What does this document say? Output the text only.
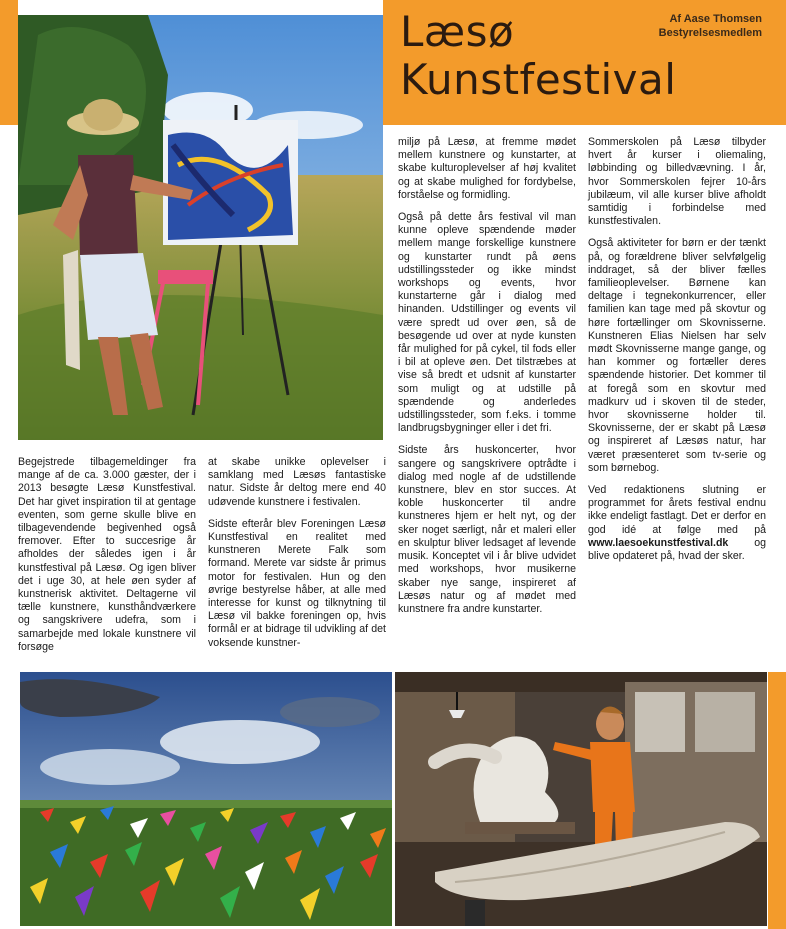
Læsø
Kunstfestival
Af Aase Thomsen
Bestyrelsesmedlem

Begejstrede tilbagemeldinger fra mange af de ca. 3.000 gæster, der i 2013 besøgte Læsø Kunstfestival. Det har givet inspiration til at gentage eventen, som gerne skulle blive en tilbagevendende begivenhed også fremover. Efter to succesrige år afholdes der således igen i år kunstfestival på Læsø. Og igen bliver det i uge 30, at hele øen syder af kunstnerisk aktivitet. Deltagerne vil tælle kunstnere, kunsthåndværkere og sangskrivere udefra, som i samarbejde med lokale kunstnere vil forsøge

at skabe unikke oplevelser i samklang med Læsøs fantastiske natur. Sidste år deltog mere end 40 udøvende kunstnere i festivalen.

Sidste efterår blev Foreningen Læsø Kunstfestival en realitet med kunstneren Merete Falk som formand. Merete var sidste år primus motor for festivalen. Hun og den øvrige bestyrelse håber, at alle med interesse for kunst og tilknytning til Læsø vil bakke foreningen op, hvis formål er at bidrage til udvikling af det voksende kunstner-

miljø på Læsø, at fremme mødet mellem kunstnere og kunstarter, at skabe kulturoplevelser af høj kvalitet og at skabe mulighed for fordybelse, forståelse og formidling.

Også på dette års festival vil man kunne opleve spændende møder mellem mange forskellige kunstnere og kunstarter rundt på øens udstillingssteder og ikke mindst workshops og events, hvor kunstarterne går i dialog med hinanden. Udstillinger og events vil være spredt ud over øen, så de besøgende ud over at nyde kunsten får mulighed for på cykel, til fods eller i bil at opleve øen. Det tilstræbes at vise så bredt et udsnit af kunstarter som muligt og at udstille på spændende og anderledes udstillingssteder, som f.eks. i tomme landbrugsbygninger eller i det fri.

Sidste års huskoncerter, hvor sangere og sangskrivere optrådte i dialog med nogle af de udstillende kunstnere, blev en stor succes. At koble huskoncerter til andre kunstneres hjem er helt nyt, og der sker noget særligt, når et maleri eller en skulptur bliver ledsaget af levende musik. Konceptet vil i år blive udvidet med workshops, hvor musikerne skaber nye sange, inspireret af Læsøs natur og af mødet med kunstnere fra andre kunstarter.

Sommerskolen på Læsø tilbyder hvert år kurser i oliemaling, løbbinding og billedvævning. I år, hvor Sommerskolen fejrer 10-års jubilæum, vil alle kurser blive afholdt samtidig i forbindelse med kunstfestivalen.

Også aktiviteter for børn er der tænkt på, og forældrene bliver selvfølgelig inddraget, så der bliver fælles familieoplevelser. Børnene kan deltage i tegnekonkurrencer, eller familien kan tage med på skovtur og høre fortællinger om Skovnisserne. Kunstneren Elias Nielsen har selv mødt Skovnisserne mange gange, og han kommer og fortæller deres spændende historier. Det kommer til at foregå som en skovtur med madkurv ud i skoven til de steder, hvor skovnisserne holder til. Skovnisserne, der er skabt på Læsø og inspireret af Læsøs natur, har været præsenteret som tv-serie og som børnebog.

Ved redaktionens slutning er programmet for årets festival endnu ikke endeligt fastlagt. Det er derfor en god idé at følge med på www.laesoekunstfestival.dk og blive opdateret på, hvad der sker.
